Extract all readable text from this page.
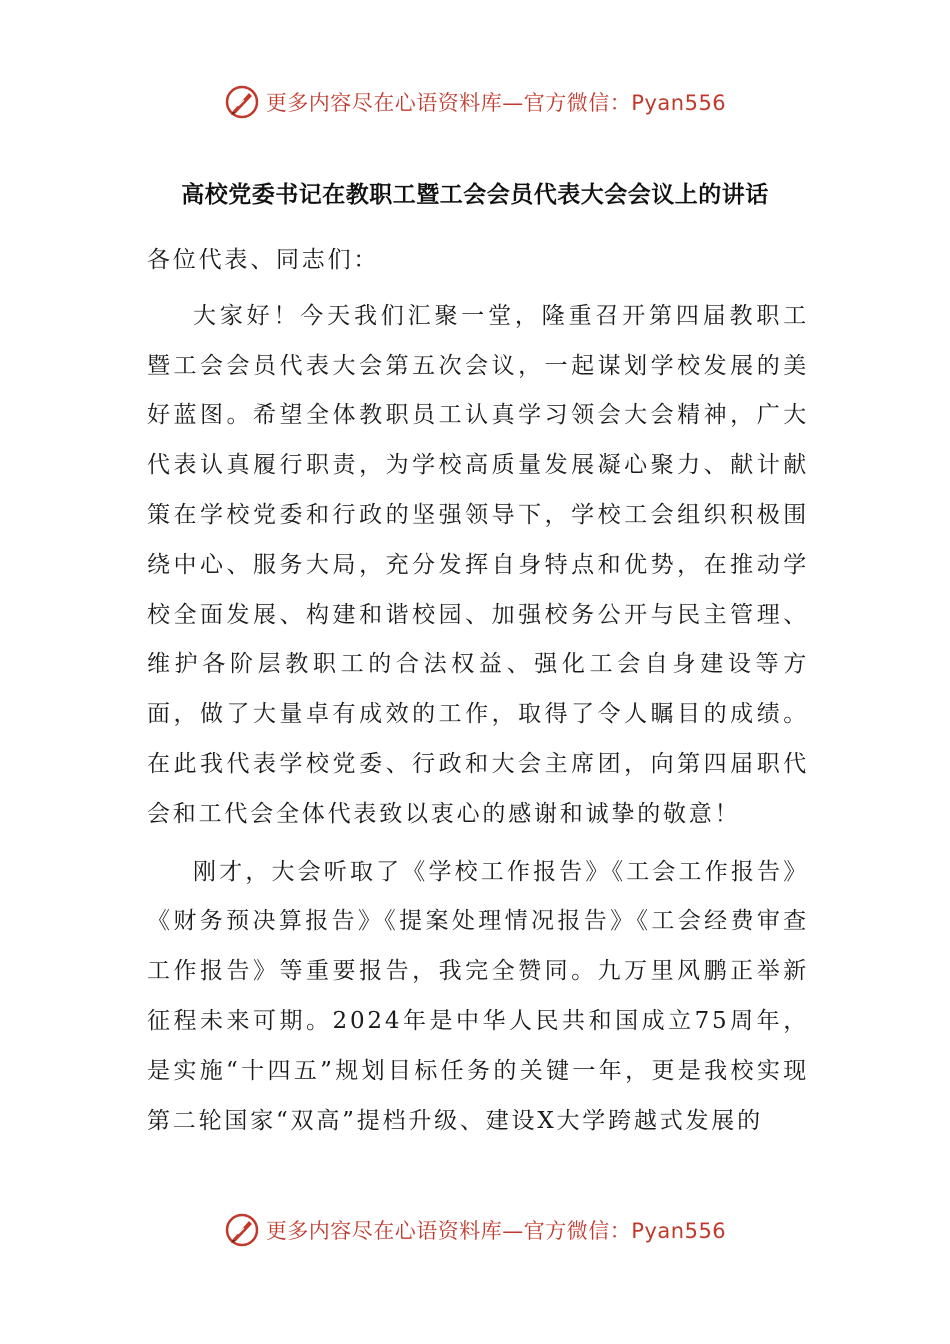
更多内容尽在心语资料库—官方微信：Pyan556
高校党委书记在教职工暨工会会员代表大会会议上的讲话

各位代表、同志们：

大家好！今天我们汇聚一堂，隆重召开第四届教职工暨工会会员代表大会第五次会议，一起谋划学校发展的美好蓝图。希望全体教职员工认真学习领会大会精神，广大代表认真履行职责，为学校高质量发展凝心聚力、献计献策在学校党委和行政的坚强领导下，学校工会组织积极围绕中心、服务大局，充分发挥自身特点和优势，在推动学校全面发展、构建和谐校园、加强校务公开与民主管理、维护各阶层教职工的合法权益、强化工会自身建设等方面，做了大量卓有成效的工作，取得了令人瞩目的成绩。在此我代表学校党委、行政和大会主席团，向第四届职代会和工代会全体代表致以衷心的感谢和诚挚的敬意！

刚才，大会听取了《学校工作报告》《工会工作报告》《财务预决算报告》《提案处理情况报告》《工会经费审查工作报告》等重要报告，我完全赞同。九万里风鹏正举新征程未来可期。2024年是中华人民共和国成立75周年，是实施“十四五”规划目标任务的关键一年，更是我校实现第二轮国家“双高”提档升级、建设X大学跨越式发展的

更多内容尽在心语资料库—官方微信：Pyan556
